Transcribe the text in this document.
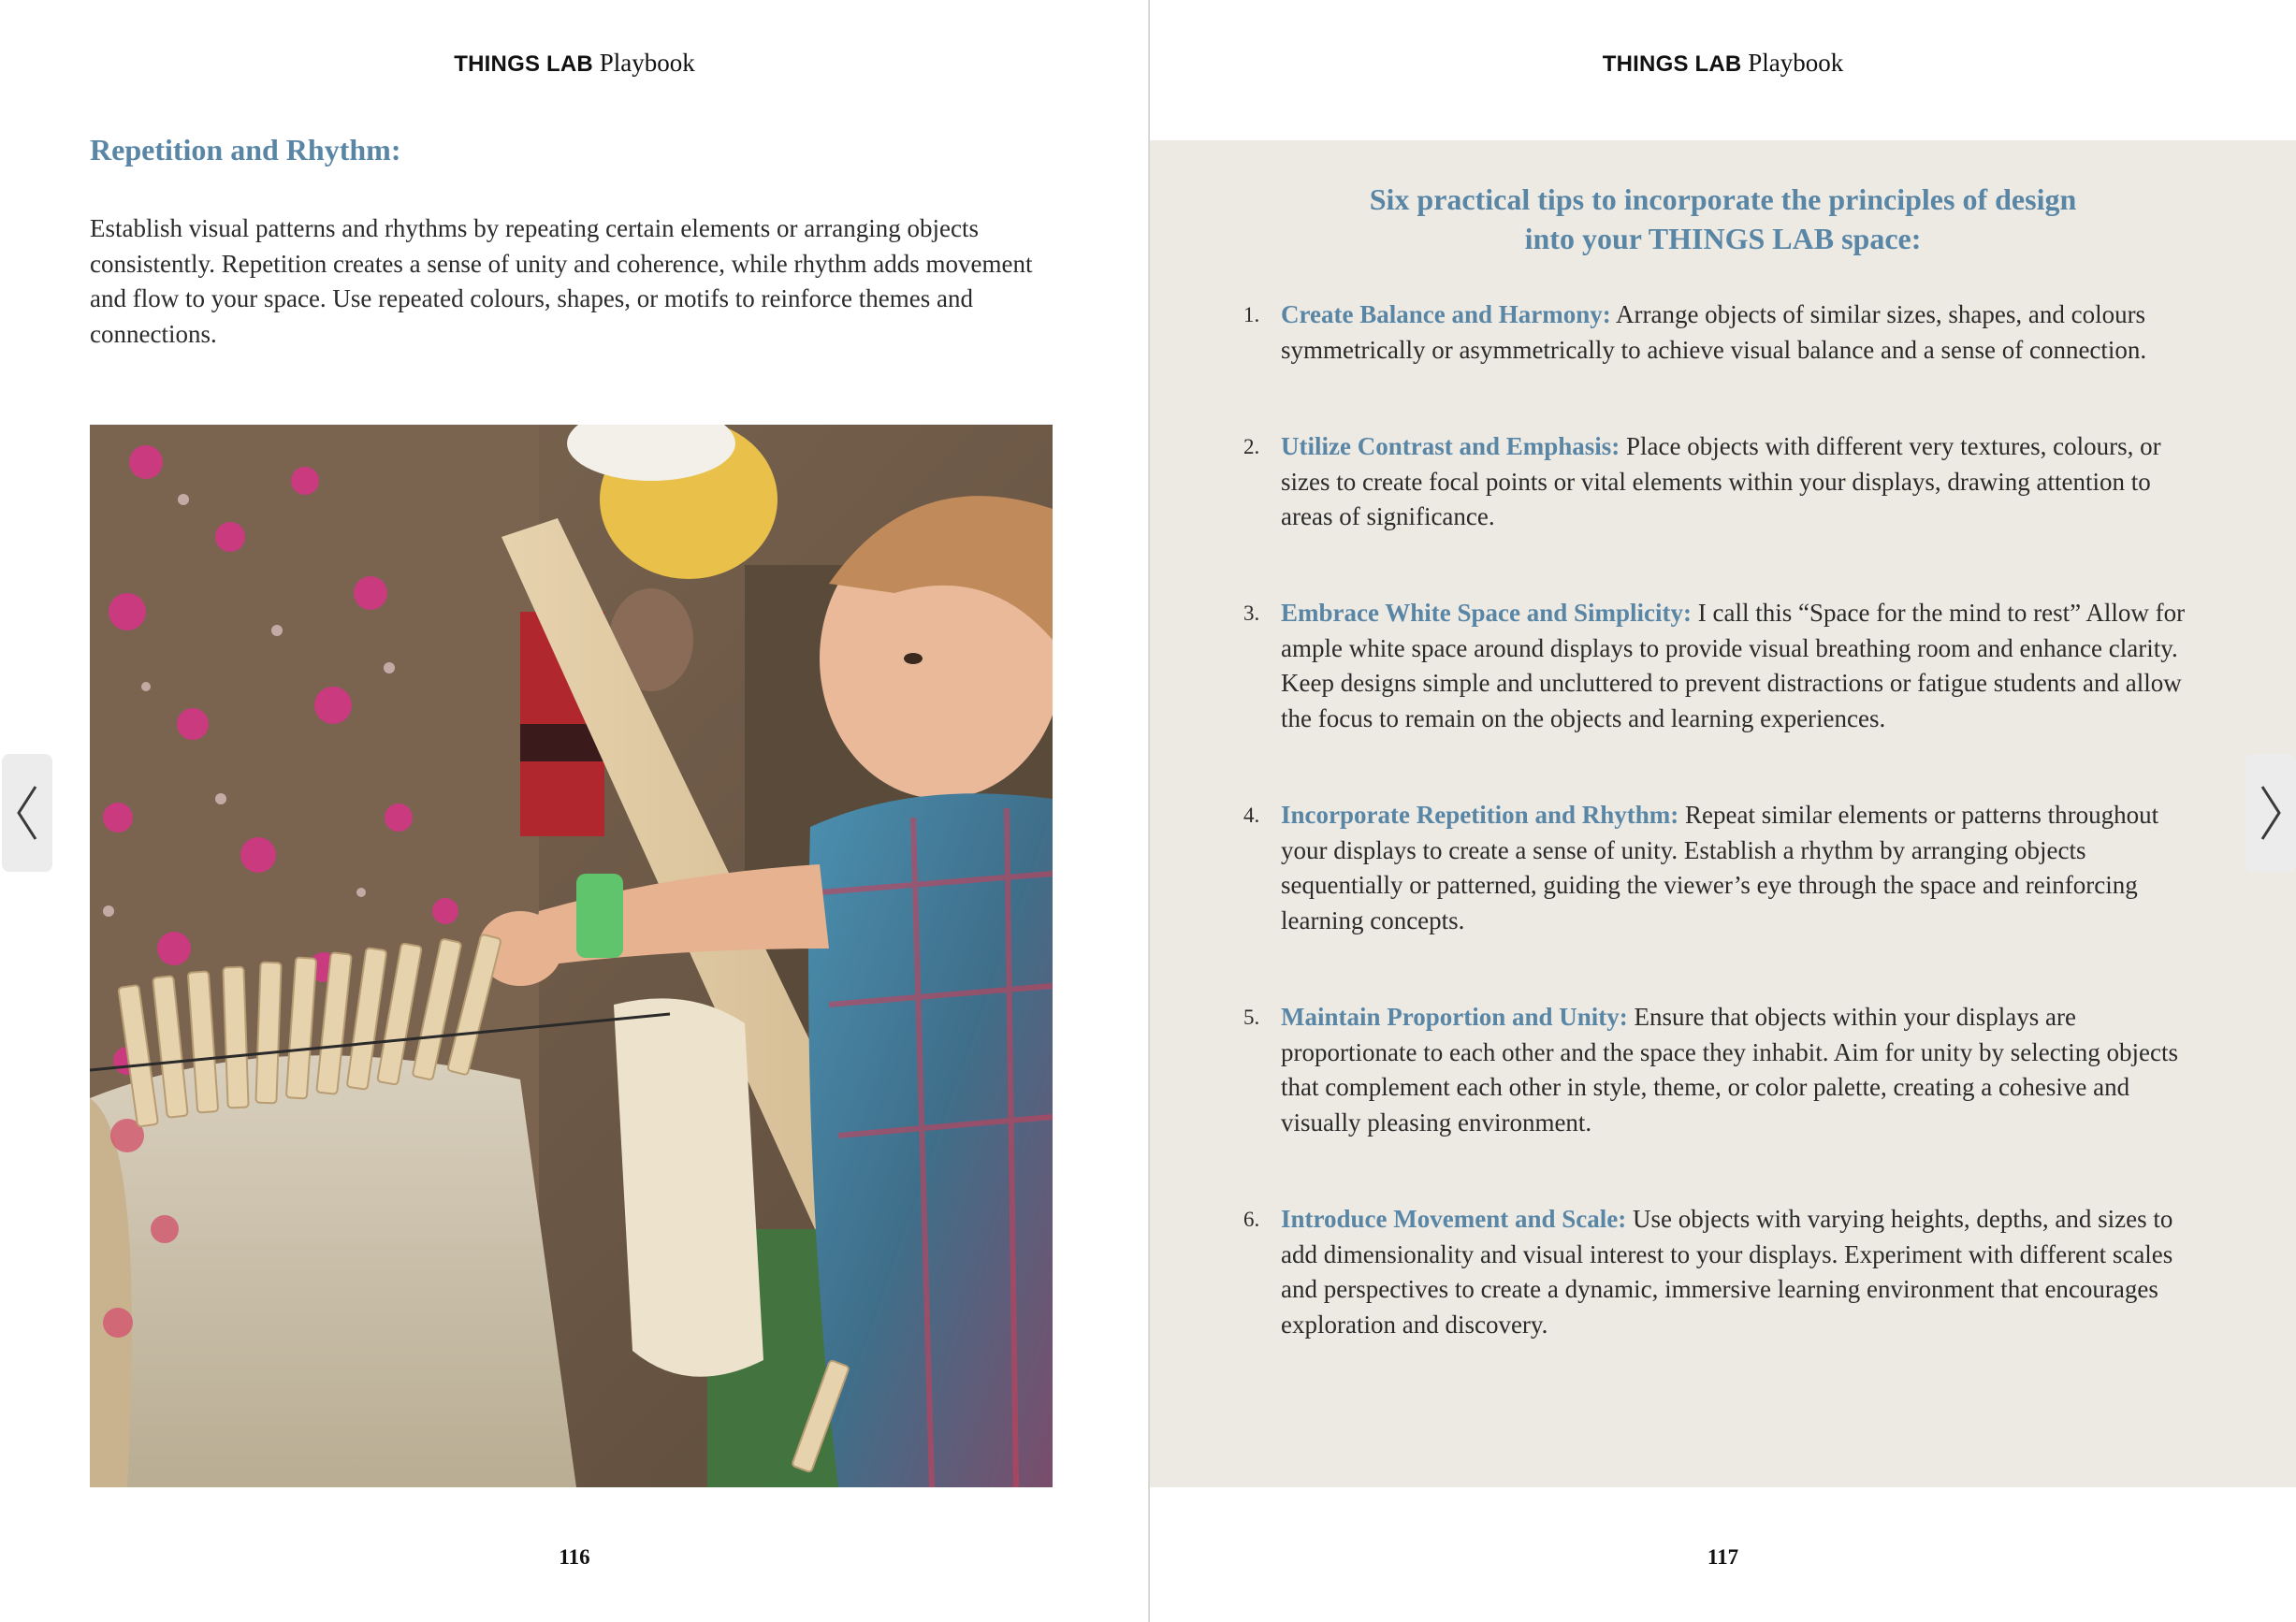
THINGS LAB Playbook
Repetition and Rhythm:

Establish visual patterns and rhythms by repeating certain elements or arranging objects consistently. Repetition creates a sense of unity and coherence, while rhythm adds movement and flow to your space. Use repeated colours, shapes, or motifs to reinforce themes and connections.

116
THINGS LAB Playbook
Six practical tips to incorporate the principles of design
into your THINGS LAB space:
1. Create Balance and Harmony: Arrange objects of similar sizes, shapes, and colours symmetrically or asymmetrically to achieve visual balance and a sense of connection.
2. Utilize Contrast and Emphasis: Place objects with different very textures, colours, or sizes to create focal points or vital elements within your displays, drawing attention to areas of significance.
3. Embrace White Space and Simplicity: I call this “Space for the mind to rest” Allow for ample white space around displays to provide visual breathing room and enhance clarity. Keep designs simple and uncluttered to prevent distractions or fatigue students and allow the focus to remain on the objects and learning experiences.
4. Incorporate Repetition and Rhythm: Repeat similar elements or patterns throughout your displays to create a sense of unity. Establish a rhythm by arranging objects sequentially or patterned, guiding the viewer’s eye through the space and reinforcing learning concepts.
5. Maintain Proportion and Unity: Ensure that objects within your displays are proportionate to each other and the space they inhabit. Aim for unity by selecting objects that complement each other in style, theme, or color palette, creating a cohesive and visually pleasing environment.
6. Introduce Movement and Scale: Use objects with varying heights, depths, and sizes to add dimensionality and visual interest to your displays. Experiment with different scales and perspectives to create a dynamic, immersive learning environment that encourages exploration and discovery.
117
